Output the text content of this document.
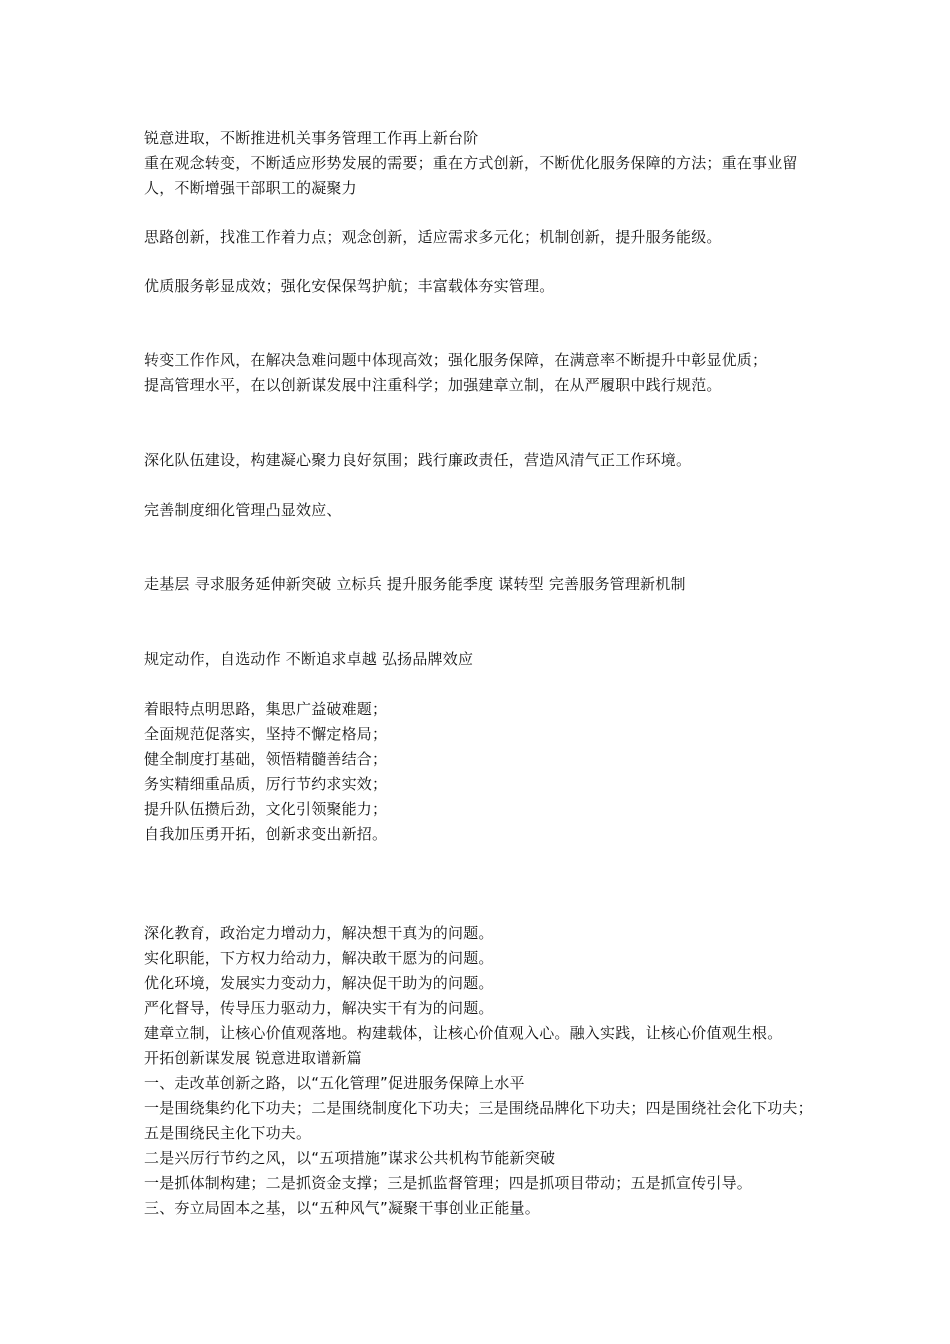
锐意进取，不断推进机关事务管理工作再上新台阶
重在观念转变，不断适应形势发展的需要；重在方式创新，不断优化服务保障的方法；重在事业留人，不断增强干部职工的凝聚力
思路创新，找准工作着力点；观念创新，适应需求多元化；机制创新，提升服务能级。
优质服务彰显成效；强化安保保驾护航；丰富载体夯实管理。
转变工作作风，在解决急难问题中体现高效；强化服务保障，在满意率不断提升中彰显优质；
提高管理水平，在以创新谋发展中注重科学；加强建章立制，在从严履职中践行规范。
深化队伍建设，构建凝心聚力良好氛围；践行廉政责任，营造风清气正工作环境。
完善制度细化管理凸显效应、
走基层 寻求服务延伸新突破 立标兵 提升服务能季度 谋转型 完善服务管理新机制
规定动作，自选动作 不断追求卓越 弘扬品牌效应
着眼特点明思路，集思广益破难题；
全面规范促落实，坚持不懈定格局；
健全制度打基础，领悟精髓善结合；
务实精细重品质，厉行节约求实效；
提升队伍攒后劲，文化引领聚能力；
自我加压勇开拓，创新求变出新招。
深化教育，政治定力增动力，解决想干真为的问题。
实化职能，下方权力给动力，解决敢干愿为的问题。
优化环境，发展实力变动力，解决促干助为的问题。
严化督导，传导压力驱动力，解决实干有为的问题。
建章立制，让核心价值观落地。构建载体，让核心价值观入心。融入实践，让核心价值观生根。
开拓创新谋发展 锐意进取谱新篇
一、走改革创新之路，以“五化管理”促进服务保障上水平
一是围绕集约化下功夫；二是围绕制度化下功夫；三是围绕品牌化下功夫；四是围绕社会化下功夫；五是围绕民主化下功夫。
二是兴厉行节约之风，以“五项措施”谋求公共机构节能新突破
一是抓体制构建；二是抓资金支撑；三是抓监督管理；四是抓项目带动；五是抓宣传引导。
三、夯立局固本之基，以“五种风气”凝聚干事创业正能量。
